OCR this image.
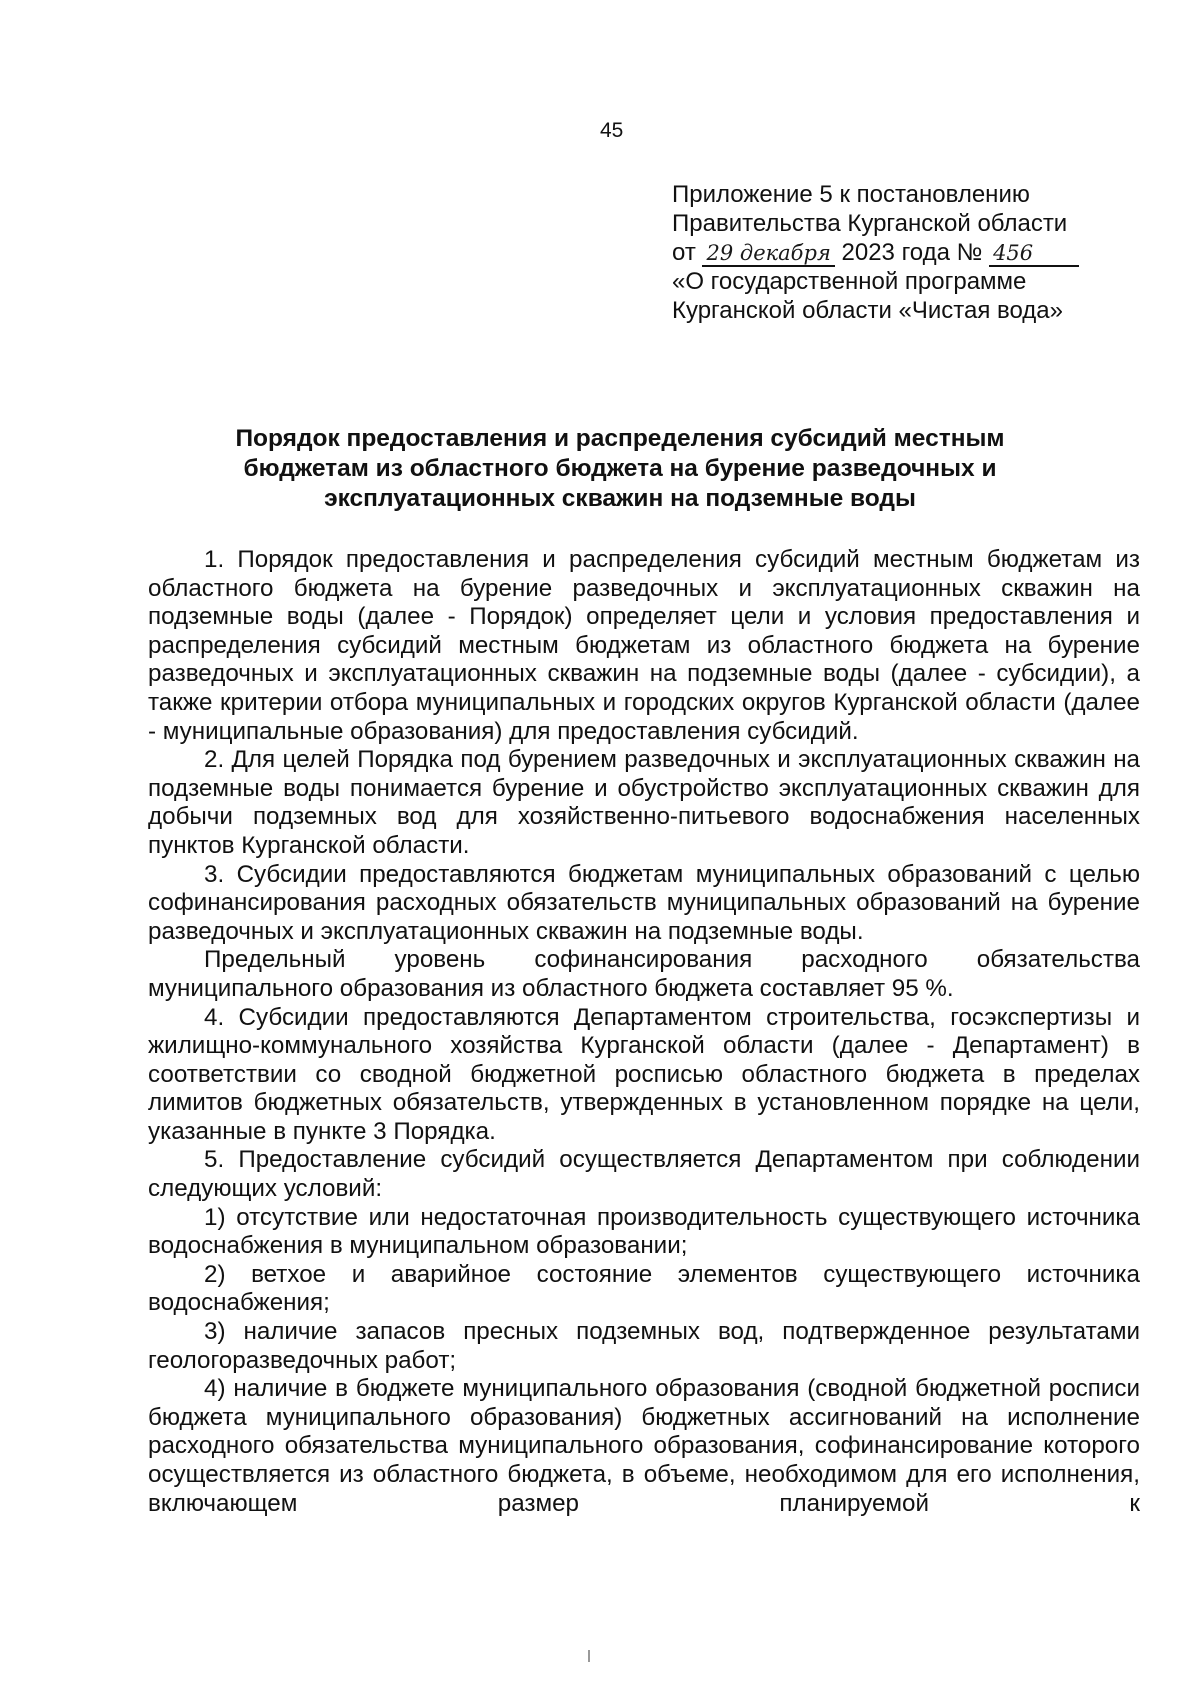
45
Приложение 5 к постановлению
Правительства Курганской области
от 29 декабря 2023 года № 456
«О государственной программе
Курганской области «Чистая вода»
Порядок предоставления и распределения субсидий местным
бюджетам из областного бюджета на бурение разведочных и
эксплуатационных скважин на подземные воды

1. Порядок предоставления и распределения субсидий местным бюджетам из областного бюджета на бурение разведочных и эксплуатационных скважин на подземные воды (далее - Порядок) определяет цели и условия предоставления и распределения субсидий местным бюджетам из областного бюджета на бурение разведочных и эксплуатационных скважин на подземные воды (далее - субсидии), а также критерии отбора муниципальных и городских округов Курганской области (далее - муниципальные образования) для предоставления субсидий.

2. Для целей Порядка под бурением разведочных и эксплуатационных скважин на подземные воды понимается бурение и обустройство эксплуатационных скважин для добычи подземных вод для хозяйственно-питьевого водоснабжения населенных пунктов Курганской области.

3. Субсидии предоставляются бюджетам муниципальных образований с целью софинансирования расходных обязательств муниципальных образований на бурение разведочных и эксплуатационных скважин на подземные воды.

Предельный уровень софинансирования расходного обязательства муниципального образования из областного бюджета составляет 95 %.

4. Субсидии предоставляются Департаментом строительства, госэкспертизы и жилищно-коммунального хозяйства Курганской области (далее - Департамент) в соответствии со сводной бюджетной росписью областного бюджета в пределах лимитов бюджетных обязательств, утвержденных в установленном порядке на цели, указанные в пункте 3 Порядка.

5. Предоставление субсидий осуществляется Департаментом при соблюдении следующих условий:

1) отсутствие или недостаточная производительность существующего источника водоснабжения в муниципальном образовании;

2) ветхое и аварийное состояние элементов существующего источника водоснабжения;

3) наличие запасов пресных подземных вод, подтвержденное результатами геологоразведочных работ;

4) наличие в бюджете муниципального образования (сводной бюджетной росписи бюджета муниципального образования) бюджетных ассигнований на исполнение расходного обязательства муниципального образования, софинансирование которого осуществляется из областного бюджета, в объеме, необходимом для его исполнения, включающем размер планируемой к
